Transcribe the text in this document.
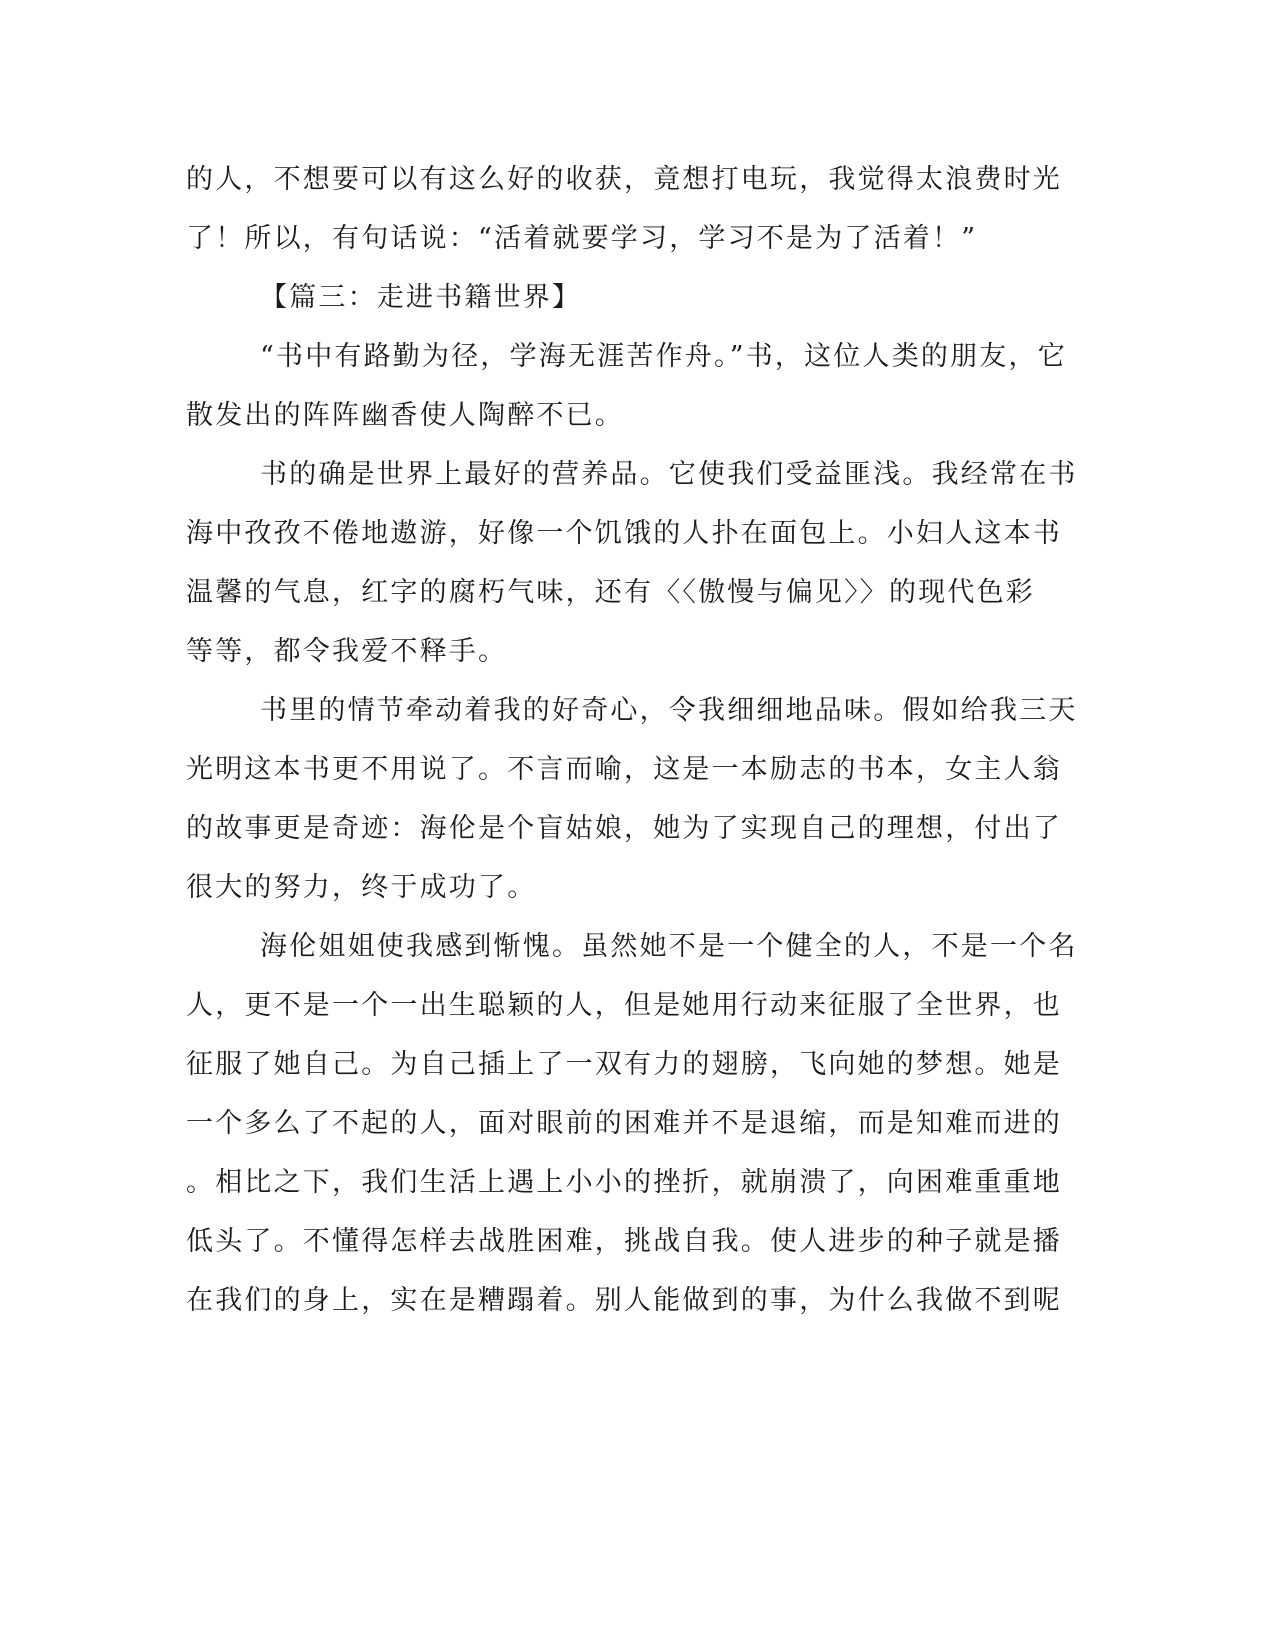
的人，不想要可以有这么好的收获，竟想打电玩，我觉得太浪费时光
了！所以，有句话说：“活着就要学习，学习不是为了活着！”
【篇三：走进书籍世界】
“书中有路勤为径，学海无涯苦作舟。”书，这位人类的朋友，它
散发出的阵阵幽香使人陶醉不已。
书的确是世界上最好的营养品。它使我们受益匪浅。我经常在书
海中孜孜不倦地遨游，好像一个饥饿的人扑在面包上。小妇人这本书
温馨的气息，红字的腐朽气味，还有〈〈傲慢与偏见〉〉的现代色彩
等等，都令我爱不释手。
书里的情节牵动着我的好奇心，令我细细地品味。假如给我三天
光明这本书更不用说了。不言而喻，这是一本励志的书本，女主人翁
的故事更是奇迹：海伦是个盲姑娘，她为了实现自己的理想，付出了
很大的努力，终于成功了。
海伦姐姐使我感到惭愧。虽然她不是一个健全的人，不是一个名
人，更不是一个一出生聪颖的人，但是她用行动来征服了全世界，也
征服了她自己。为自己插上了一双有力的翅膀，飞向她的梦想。她是
一个多么了不起的人，面对眼前的困难并不是退缩，而是知难而进的
。相比之下，我们生活上遇上小小的挫折，就崩溃了，向困难重重地
低头了。不懂得怎样去战胜困难，挑战自我。使人进步的种子就是播
在我们的身上，实在是糟蹋着。别人能做到的事，为什么我做不到呢
